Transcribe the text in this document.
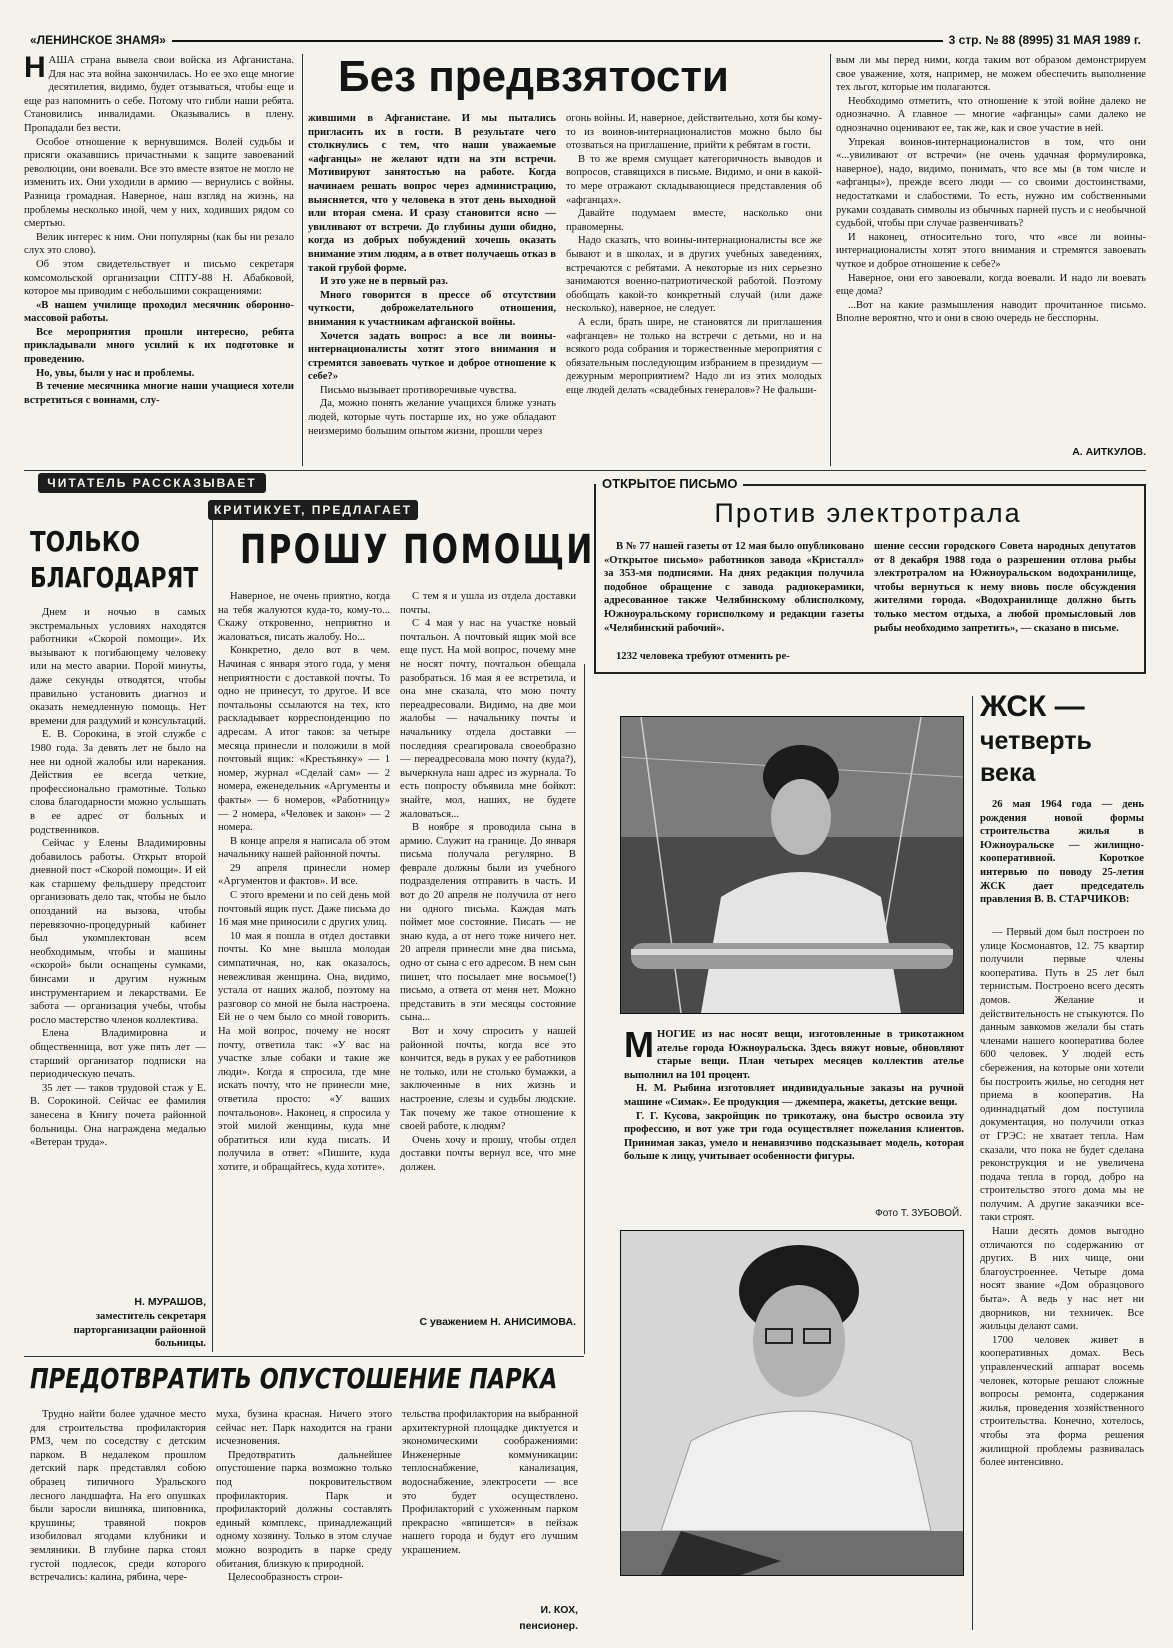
«ЛЕНИНСКОЕ ЗНАМЯ»	3 стр. № 88 (8995) 31 МАЯ 1989 г.
Без предвзятости

НАША страна вывела свои войска из Афганистана. Для нас эта война закончилась. Но ее эхо еще многие десятилетия, видимо, будет отзываться, чтобы еще и еще раз напомнить о себе. Потому что гибли наши ребята. Становились инвалидами. Оказывались в плену. Пропадали без вести.

Особое отношение к вернувшимся. Волей судьбы и присяги оказавшись причастными к защите завоеваний революции, они воевали. Все это вместе взятое не могло не изменить их. Они уходили в армию — вернулись с войны. Разница громадная. Наверное, наш взгляд на жизнь, на проблемы несколько иной, чем у них, ходивших рядом со смертью.

Велик интерес к ним. Они популярны (как бы ни резало слух это слово).

Об этом свидетельствует и письмо секретаря комсомольской организации СПТУ-88 Н. Абабковой, которое мы приводим с небольшими сокращениями:

«В нашем училище проходил месячник оборонно-массовой работы.

Все мероприятия прошли интересно, ребята прикладывали много усилий к их подготовке и проведению.

Но, увы, были у нас и проблемы.

В течение месячника многие наши учащиеся хотели встретиться с воинами, слу-

жившими в Афганистане. И мы пытались пригласить их в гости. В результате чего столкнулись с тем, что наши уважаемые «афганцы» не желают идти на эти встречи. Мотивируют занятостью на работе. Когда начинаем решать вопрос через администрацию, выясняется, что у человека в этот день выходной или вторая смена. И сразу становится ясно — увиливают от встречи. До глубины души обидно, когда из добрых побуждений хочешь оказать внимание этим людям, а в ответ получаешь отказ в такой грубой форме.

И это уже не в первый раз.

Много говорится в прессе об отсутствии чуткости, доброжелательного отношения, внимания к участникам афганской войны.

Хочется задать вопрос: а все ли воины-интернационалисты хотят этого внимания и стремятся завоевать чуткое и доброе отношение к себе?»

Письмо вызывает противоречивые чувства.

Да, можно понять желание учащихся ближе узнать людей, которые чуть постарше их, но уже обладают неизмеримо большим опытом жизни, прошли через

огонь войны. И, наверное, действительно, хотя бы кому-то из воинов-интернационалистов можно было бы отозваться на приглашение, прийти к ребятам в гости.

В то же время смущает категоричность выводов и вопросов, ставящихся в письме. Видимо, и они в какой-то мере отражают складывающиеся представления об «афганцах».

Давайте подумаем вместе, насколько они правомерны.

Надо сказать, что воины-интернационалисты все же бывают и в школах, и в других учебных заведениях, встречаются с ребятами. А некоторые из них серьезно занимаются военно-патриотической работой. Поэтому обобщать какой-то конкретный случай (или даже несколько), наверное, не следует.

А если, брать шире, не становятся ли приглашения «афганцев» не только на встречи с детьми, но и на всякого рода собрания и торжественные мероприятия с обязательным последующим избранием в президиум — дежурным мероприятием? Надо ли из этих молодых еще людей делать «свадебных генералов»? Не фальши-

вым ли мы перед ними, когда таким вот образом демонстрируем свое уважение, хотя, например, не можем обеспечить выполнение тех льгот, которые им полагаются.

Необходимо отметить, что отношение к этой войне далеко не однозначно. А главное — многие «афганцы» сами далеко не однозначно оценивают ее, так же, как и свое участие в ней.

Упрекая воинов-интернационалистов в том, что они «...увиливают от встречи» (не очень удачная формулировка, наверное), надо, видимо, понимать, что все мы (в том числе и «афганцы»), прежде всего люди — со своими достоинствами, недостатками и слабостями. То есть, нужно им собственными руками создавать символы из обычных парней пусть и с необычной судьбой, чтобы при случае развенчивать?

И наконец, относительно того, что «все ли воины-интернационалисты хотят этого внимания и стремятся завоевать чуткое и доброе отношение к себе?»

Наверное, они его завоевали, когда воевали. И надо ли воевать еще дома?

...Вот на какие размышления наводит прочитанное письмо. Вполне вероятно, что и они в свою очередь не бесспорны.

А. АИТКУЛОВ.
ЧИТАТЕЛЬ РАССКАЗЫВАЕТ
ТОЛЬКО
БЛАГОДАРЯТ

Днем и ночью в самых экстремальных условиях находятся работники «Скорой помощи». Их вызывают к погибающему человеку или на место аварии. Порой минуты, даже секунды отводятся, чтобы правильно установить диагноз и оказать немедленную помощь. Нет времени для раздумий и консультаций.

Е. В. Сорокина, в этой службе с 1980 года. За девять лет не было на нее ни одной жалобы или нарекания. Действия ее всегда четкие, профессионально грамотные. Только слова благодарности можно услышать в ее адрес от больных и родственников.

Сейчас у Елены Владимировны добавилось работы. Открыт второй дневной пост «Скорой помощи». И ей как старшему фельдшеру предстоит организовать дело так, чтобы не было опозданий на вызова, чтобы перевязочно-процедурный кабинет был укомплектован всем необходимым, чтобы и машины «скорой» были оснащены сумками, бинсами и другим нужным инструментарием и лекарствами. Ее забота — организация учебы, чтобы росло мастерство членов коллектива.

Елена Владимировна и общественница, вот уже пять лет — старший организатор подписки на периодическую печать.

35 лет — таков трудовой стаж у Е. В. Сорокиной. Сейчас ее фамилия занесена в Книгу почета районной больницы. Она награждена медалью «Ветеран труда».

Н. МУРАШОВ,
заместитель секретаря парторганизации районной больницы.
КРИТИКУЕТ, ПРЕДЛАГАЕТ
ПРОШУ ПОМОЩИ

Наверное, не очень приятно, когда на тебя жалуются куда-то, кому-то... Скажу откровенно, неприятно и жаловаться, писать жалобу. Но...

Конкретно, дело вот в чем. Начиная с января этого года, у меня неприятности с доставкой почты. То одно не принесут, то другое. И все почтальоны ссылаются на тех, кто раскладывает корреспонденцию по адресам. А итог таков: за четыре месяца принесли и положили в мой почтовый ящик: «Крестьянку» — 1 номер, журнал «Сделай сам» — 2 номера, еженедельник «Аргументы и факты» — 6 номеров, «Работницу» — 2 номера, «Человек и закон» — 2 номера.

В конце апреля я написала об этом начальнику нашей районной почты.

29 апреля принесли номер «Аргументов и фактов». И все.

С этого времени и по сей день мой почтовый ящик пуст. Даже письма до 16 мая мне приносили с других улиц.

10 мая я пошла в отдел доставки почты. Ко мне вышла молодая симпатичная, но, как оказалось, невежливая женщина. Она, видимо, устала от наших жалоб, поэтому на разговор со мной не была настроена. Ей не о чем было со мной говорить. На мой вопрос, почему не носят почту, ответила так: «У вас на участке злые собаки и такие же люди». Когда я спросила, где мне искать почту, что не принесли мне, ответила просто: «У ваших почтальонов». Наконец, я спросила у этой милой женщины, куда мне обратиться или куда писать. И получила в ответ: «Пишите, куда хотите, и обращайтесь, куда хотите».

С тем я и ушла из отдела доставки почты.

С 4 мая у нас на участке новый почтальон. А почтовый ящик мой все еще пуст. На мой вопрос, почему мне не носят почту, почтальон обещала разобраться. 16 мая я ее встретила, и она мне сказала, что мою почту переадресовали. Видимо, на две мои жалобы — начальнику почты и начальнику отдела доставки — последняя среагировала своеобразно — переадресовала мою почту (куда?), вычеркнула наш адрес из журнала. То есть попросту объявила мне бойкот: знайте, мол, наших, не будете жаловаться...

В ноябре я проводила сына в армию. Служит на границе. До января письма получала регулярно. В феврале должны были из учебного подразделения отправить в часть. И вот до 20 апреля не получила от него ни одного письма. Каждая мать поймет мое состояние. Писать — не знаю куда, а от него тоже ничего нет. 20 апреля принесли мне два письма, одно от сына с его адресом. В нем сын пишет, что посылает мне восьмое(!) письмо, а ответа от меня нет. Можно представить в эти месяцы состояние сына...

Вот и хочу спросить у нашей районной почты, когда все это кончится, ведь в руках у ее работников не только, или не столько бумажки, а заключенные в них жизнь и настроение, слезы и судьбы людские. Так почему же такое отношение к своей работе, к людям?

Очень хочу и прошу, чтобы отдел доставки почты вернул все, что мне должен.

С уважением Н. АНИСИМОВА.
ОТКРЫТОЕ ПИСЬМО
Против электротрала

В № 77 нашей газеты от 12 мая было опубликовано «Открытое письмо» работников завода «Кристалл» за 353-мя подписями. На днях редакция получила подобное обращение с завода радиокерамики, адресованное также Челябинскому облисполкому, Южноуральскому горисполкому и редакции газеты «Челябинский рабочий».

1232 человека требуют отменить ре-

шение сессии городского Совета народных депутатов от 8 декабря 1988 года о разрешении отлова рыбы электротралом на Южноуральском водохранилище, чтобы вернуться к нему вновь после обсуждения жителями города. «Водохранилище должно быть только местом отдыха, а любой промысловый лов рыбы необходимо запретить», — сказано в письме.

МНОГИЕ из нас носят вещи, изготовленные в трикотажном ателье города Южноуральска. Здесь вяжут новые, обновляют старые вещи. План четырех месяцев коллектив ателье выполнил на 101 процент.

Н. М. Рыбина изготовляет индивидуальные заказы на ручной машине «Симак». Ее продукция — джемпера, жакеты, детские вещи.

Г. Г. Кусова, закройщик по трикотажу, она быстро освоила эту профессию, и вот уже три года осуществляет пожелания клиентов. Принимая заказ, умело и ненавязчиво подсказывает модель, которая больше к лицу, учитывает особенности фигуры.

Фото Т. ЗУБОВОЙ.
ЖСК —
четверть
века

26 мая 1964 года — день рождения новой формы строительства жилья в Южноуральске — жилищно-кооперативной. Короткое интервью по поводу 25-летия ЖСК дает председатель правления В. В. СТАРЧИКОВ:

— Первый дом был построен по улице Космонавтов, 12. 75 квартир получили первые члены кооператива. Путь в 25 лет был тернистым. Построено всего десять домов. Желание и действительность не стыкуются. По данным завкомов желали бы стать членами нашего кооператива более 600 человек. У людей есть сбережения, на которые они хотели бы построить жилье, но сегодня нет приема в кооператив. На одиннадцатый дом поступила документация, но получили отказ от ГРЭС: не хватает тепла. Нам сказали, что пока не будет сделана реконструкция и не увеличена подача тепла в город, добро на строительство этого дома мы не получим. А другие заказчики все-таки строят.

Наши десять домов выгодно отличаются по содержанию от других. В них чище, они благоустроеннее. Четыре дома носят звание «Дом образцового быта». А ведь у нас нет ни дворников, ни техничек. Все жильцы делают сами.

1700 человек живет в кооперативных домах. Весь управленческий аппарат восемь человек, которые решают сложные вопросы ремонта, содержания жилья, проведения хозяйственного строительства. Конечно, хотелось, чтобы эта форма решения жилищной проблемы развивалась более интенсивно.

ПРЕДОТВРАТИТЬ ОПУСТОШЕНИЕ ПАРКА

Трудно найти более удачное место для строительства профилактория РМЗ, чем по соседству с детским парком. В недалеком прошлом детский парк представлял собою образец типичного Уральского лесного ландшафта. На его опушках были заросли вишняка, шиповника, крушины; травяной покров изобиловал ягодами клубники и земляники. В глубине парка стоял густой подлесок, среди которого встречались: калина, рябина, чере-

муха, бузина красная. Ничего этого сейчас нет. Парк находится на грани исчезновения.

Предотвратить дальнейшее опустошение парка возможно только под покровительством профилактория. Парк и профилакторий должны составлять единый комплекс, принадлежащий одному хозяину. Только в этом случае можно возродить в парке среду обитания, близкую к природной.

Целесообразность строи-

тельства профилактория на выбранной архитектурной площадке диктуется и экономическими соображениями: Инженерные коммуникации: теплоснабжение, канализация, водоснабжение, электросети — все это будет осуществлено. Профилакторий с ухоженным парком прекрасно «впишется» в пейзаж нашего города и будут его лучшим украшением.

И. КОХ,
пенсионер.
